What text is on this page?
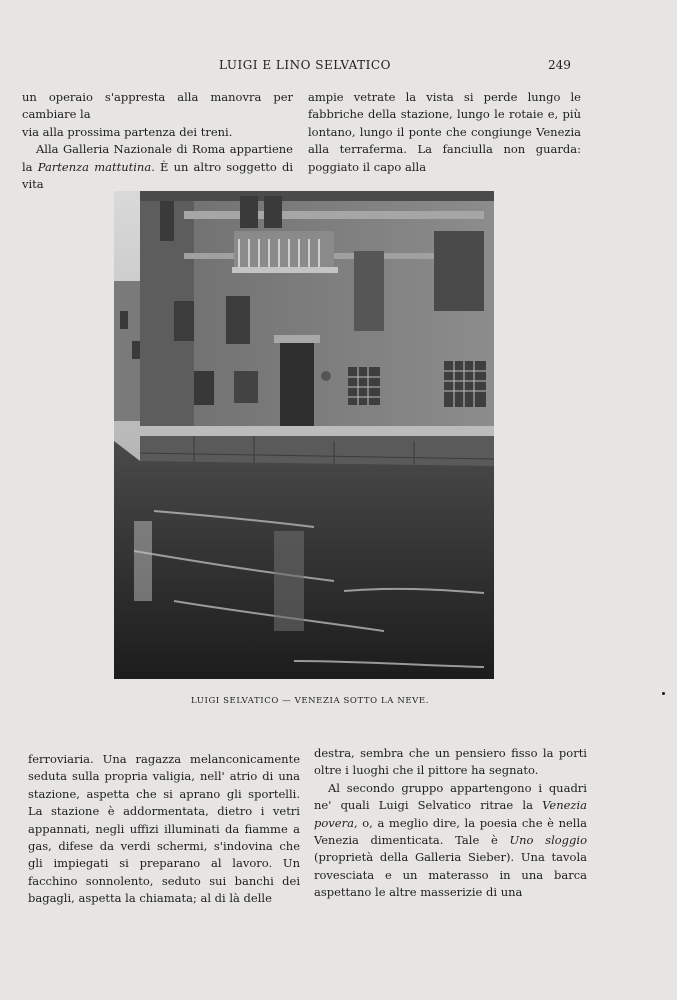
LUIGI E LINO SELVATICO	249

un operaio s'appresta alla manovra per cambiare la
via alla prossima partenza dei treni.

Alla Galleria Nazionale di Roma appartiene la Partenza mattutina. È un altro soggetto di vita

ampie vetrate la vista si perde lungo le fabbriche della stazione, lungo le rotaie e, più lontano, lungo il ponte che congiunge Venezia alla terraferma. La fanciulla non guarda: poggiato il capo alla

LUIGI SELVATICO — VENEZIA SOTTO LA NEVE.

ferroviaria. Una ragazza melanconicamente seduta sulla propria valigia, nell' atrio di una stazione, aspetta che si aprano gli sportelli. La stazione è addormentata, dietro i vetri appannati, negli uffizi illuminati da fiamme a gas, difese da verdi schermi, s'indovina che gli impiegati si preparano al lavoro. Un facchino sonnolento, seduto sui banchi dei bagagli, aspetta la chiamata; al di là delle

destra, sembra che un pensiero fisso la porti oltre i luoghi che il pittore ha segnato.

Al secondo gruppo appartengono i quadri ne' quali Luigi Selvatico ritrae la Venezia povera, o, a meglio dire, la poesia che è nella Venezia dimenticata. Tale è Uno sloggio (proprietà della Galleria Sieber). Una tavola rovesciata e un materasso in una barca aspettano le altre masserizie di una
